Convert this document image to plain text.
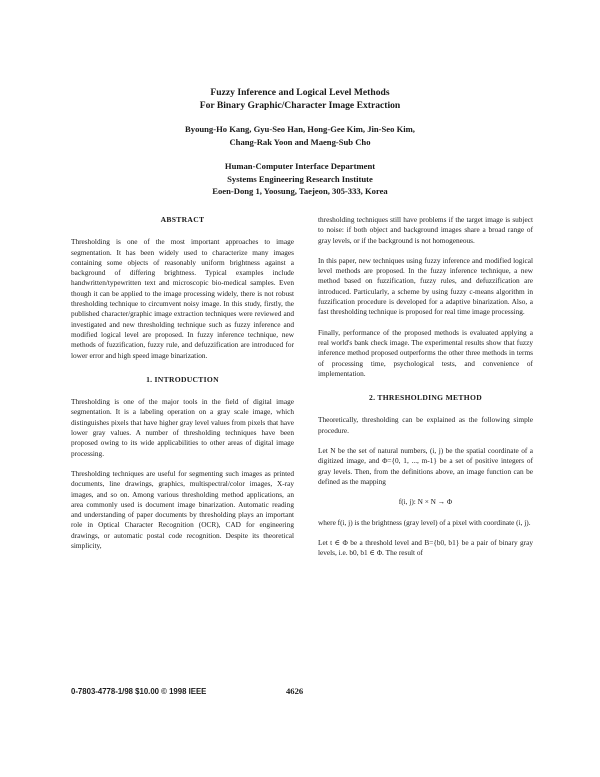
Fuzzy Inference and Logical Level Methods
For Binary Graphic/Character Image Extraction
Byoung-Ho Kang, Gyu-Seo Han, Hong-Gee Kim, Jin-Seo Kim,
Chang-Rak Yoon and Maeng-Sub Cho
Human-Computer Interface Department
Systems Engineering Research Institute
Eoen-Dong 1, Yoosung, Taejeon, 305-333, Korea
ABSTRACT

Thresholding is one of the most important approaches to image segmentation. It has been widely used to characterize many images containing some objects of reasonably uniform brightness against a background of differing brightness. Typical examples include handwritten/typewritten text and microscopic bio-medical samples. Even though it can be applied to the image processing widely, there is not robust thresholding technique to circumvent noisy image. In this study, firstly, the published character/graphic image extraction techniques were reviewed and investigated and new thresholding technique such as fuzzy inference and modified logical level are proposed. In fuzzy inference technique, new methods of fuzzification, fuzzy rule, and defuzzification are introduced for lower error and high speed image binarization.

1. INTRODUCTION

Thresholding is one of the major tools in the field of digital image segmentation. It is a labeling operation on a gray scale image, which distinguishes pixels that have higher gray level values from pixels that have lower gray values. A number of thresholding techniques have been proposed owing to its wide applicabilities to other areas of digital image processing.

Thresholding techniques are useful for segmenting such images as printed documents, line drawings, graphics, multispectral/color images, X-ray images, and so on. Among various thresholding method applications, an area commonly used is document image binarization. Automatic reading and understanding of paper documents by thresholding plays an important role in Optical Character Recognition (OCR), CAD for engineering drawings, or automatic postal code recognition. Despite its theoretical simplicity,

thresholding techniques still have problems if the target image is subject to noise: if both object and background images share a broad range of gray levels, or if the background is not homogeneous.

In this paper, new techniques using fuzzy inference and modified logical level methods are proposed. In the fuzzy inference technique, a new method based on fuzzification, fuzzy rules, and defuzzification are introduced. Particularly, a scheme by using fuzzy c-means algorithm in fuzzification procedure is developed for a adaptive binarization. Also, a fast thresholding technique is proposed for real time image processing.

Finally, performance of the proposed methods is evaluated applying a real world's bank check image. The experimental results show that fuzzy inference method proposed outperforms the other three methods in terms of processing time, psychological tests, and convenience of implementation.

2. THRESHOLDING METHOD

Theoretically, thresholding can be explained as the following simple procedure.

Let N be the set of natural numbers, (i, j) be the spatial coordinate of a digitized image, and Φ={0, 1, ..., m-1} be a set of positive integers of gray levels. Then, from the definitions above, an image function can be defined as the mapping

f(i, j): N × N → Φ

where f(i, j) is the brightness (gray level) of a pixel with coordinate (i, j).

Let t ∈ Φ be a threshold level and B={b0, b1} be a pair of binary gray levels, i.e. b0, b1 ∈ Φ. The result of

0-7803-4778-1/98 $10.00 © 1998 IEEE	4626
